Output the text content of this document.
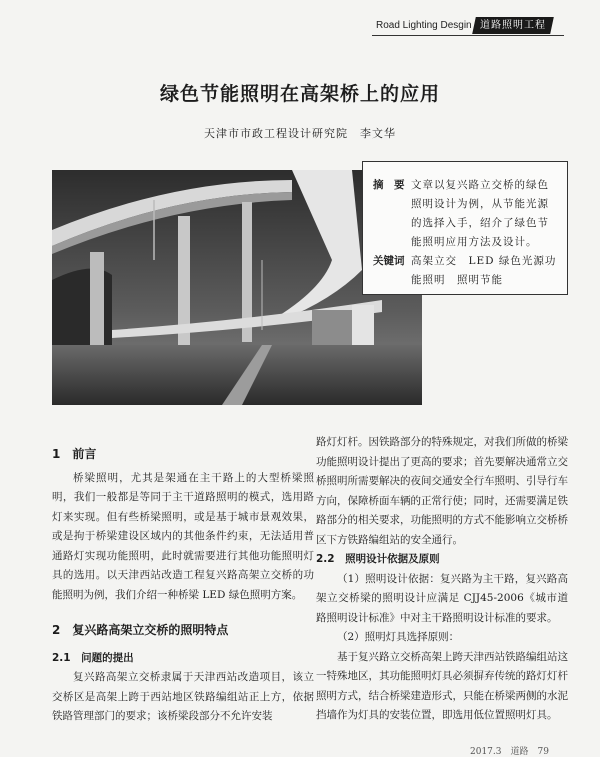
Road Lighting Desgin 道路照明工程
绿色节能照明在高架桥上的应用
天津市市政工程设计研究院　李文华
摘　要 文章以复兴路立交桥的绿色照明设计为例，从节能光源的选择入手，绍介了绿色节能照明应用方法及设计。
关键词 高架立交　LED 绿色光源功能照明　照明节能
1　前言

桥梁照明，尤其是架通在主干路上的大型桥梁照明，我们一般都是等同于主干道路照明的模式，选用路灯来实现。但有些桥梁照明，或是基于城市景观效果，或是拘于桥梁建设区域内的其他条件约束，无法适用普通路灯实现功能照明，此时就需要进行其他功能照明灯具的选用。以天津西站改造工程复兴路高架立交桥的功能照明为例，我们介绍一种桥梁 LED 绿色照明方案。

2　复兴路高架立交桥的照明特点
2.1　问题的提出

复兴路高架立交桥隶属于天津西站改造项目，该立交桥区是高架上跨于西站地区铁路编组站正上方，依据铁路管理部门的要求；该桥梁段部分不允许安装

路灯灯杆。因铁路部分的特殊规定，对我们所做的桥梁功能照明设计提出了更高的要求；首先要解决通常立交桥照明所需要解决的夜间交通安全行车照明、引导行车方向，保障桥面车辆的正常行使；同时，还需要满足铁路部分的相关要求，功能照明的方式不能影响立交桥桥区下方铁路编组站的安全通行。

2.2　照明设计依据及原则

（1）照明设计依据：复兴路为主干路，复兴路高架立交桥梁的照明设计应满足 CJJ45-2006《城市道路照明设计标准》中对主干路照明设计标准的要求。

（2）照明灯具选择原则：

基于复兴路立交桥高架上跨天津西站铁路编组站这一特殊地区，其功能照明灯具必须摒弃传统的路灯灯杆照明方式，结合桥梁建造形式，只能在桥梁两侧的水泥挡墙作为灯具的安装位置，即选用低位置照明灯具。

2017.3　道路　79
